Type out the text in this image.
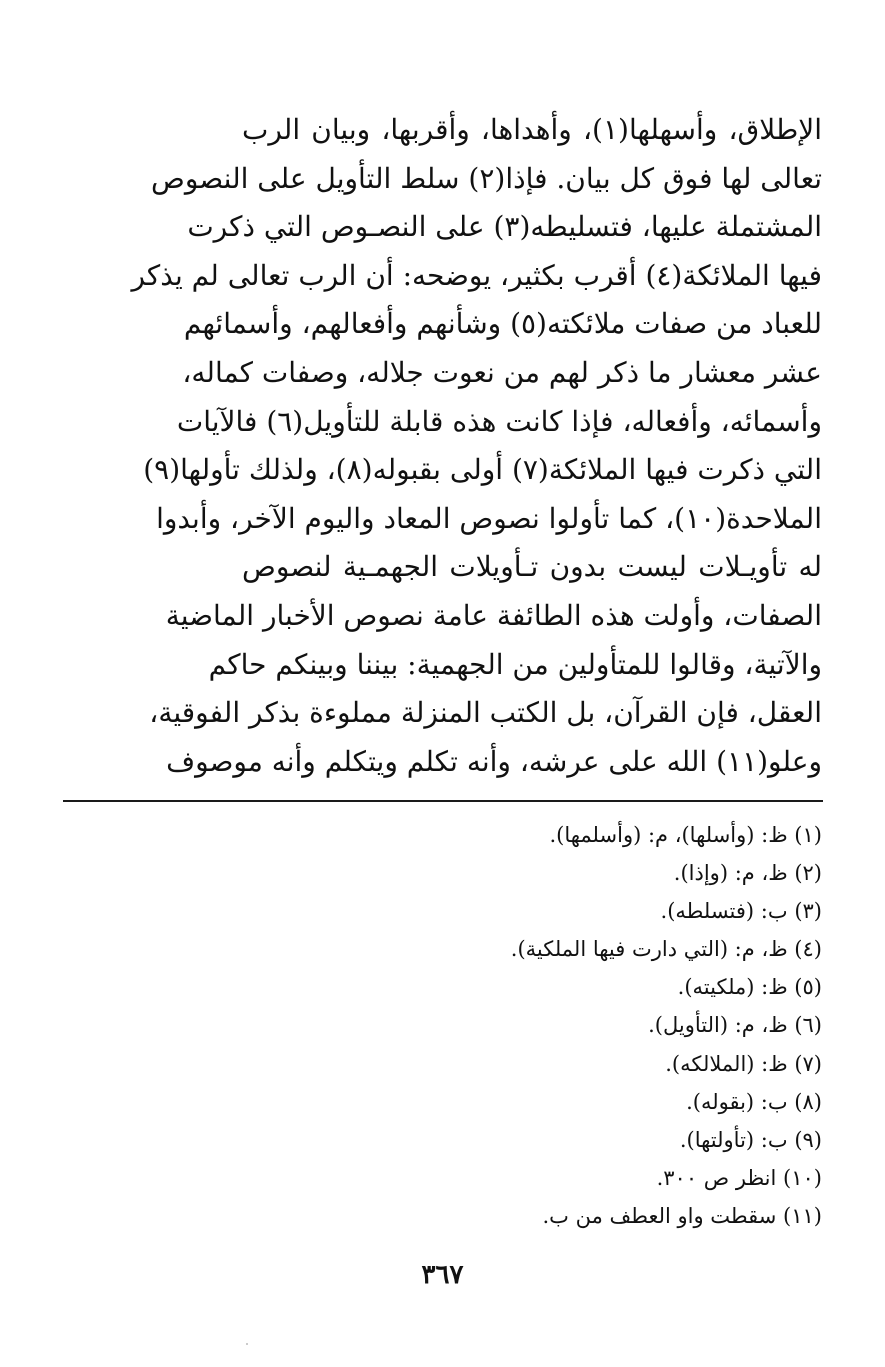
الإطلاق، وأسهلها(١)، وأهداها، وأقربها، وبيان الرب
تعالى لها فوق كل بيان. فإذا(٢) سلط التأويل على النصوص
المشتملة عليها، فتسليطه(٣) على النصـوص التي ذكرت
فيها الملائكة(٤) أقرب بكثير، يوضحه: أن الرب تعالى لم يذكر
للعباد من صفات ملائكته(٥) وشأنهم وأفعالهم، وأسمائهم
عشر معشار ما ذكر لهم من نعوت جلاله، وصفات كماله،
وأسمائه، وأفعاله، فإذا كانت هذه قابلة للتأويل(٦) فالآيات
التي ذكرت فيها الملائكة(٧) أولى بقبوله(٨)، ولذلك تأولها(٩)
الملاحدة(١٠)، كما تأولوا نصوص المعاد واليوم الآخر، وأبدوا
له تأويـلات ليست بدون تـأويلات الجهمـية لنصوص
الصفات، وأولت هذه الطائفة عامة نصوص الأخبار الماضية
والآتية، وقالوا للمتأولين من الجهمية: بيننا وبينكم حاكم
العقل، فإن القرآن، بل الكتب المنزلة مملوءة بذكر الفوقية،
وعلو(١١) الله على عرشه، وأنه تكلم ويتكلم وأنه موصوف
(١) ظ: (وأسلها)، م: (وأسلمها).
(٢) ظ، م: (وإذا).
(٣) ب: (فتسلطه).
(٤) ظ، م: (التي دارت فيها الملكية).
(٥) ظ: (ملكيته).
(٦) ظ، م: (التأويل).
(٧) ظ: (الملالكه).
(٨) ب: (بقوله).
(٩) ب: (تأولتها).
(١٠) انظر ص ٣٠٠.
(١١) سقطت واو العطف من ب.
٣٦٧
